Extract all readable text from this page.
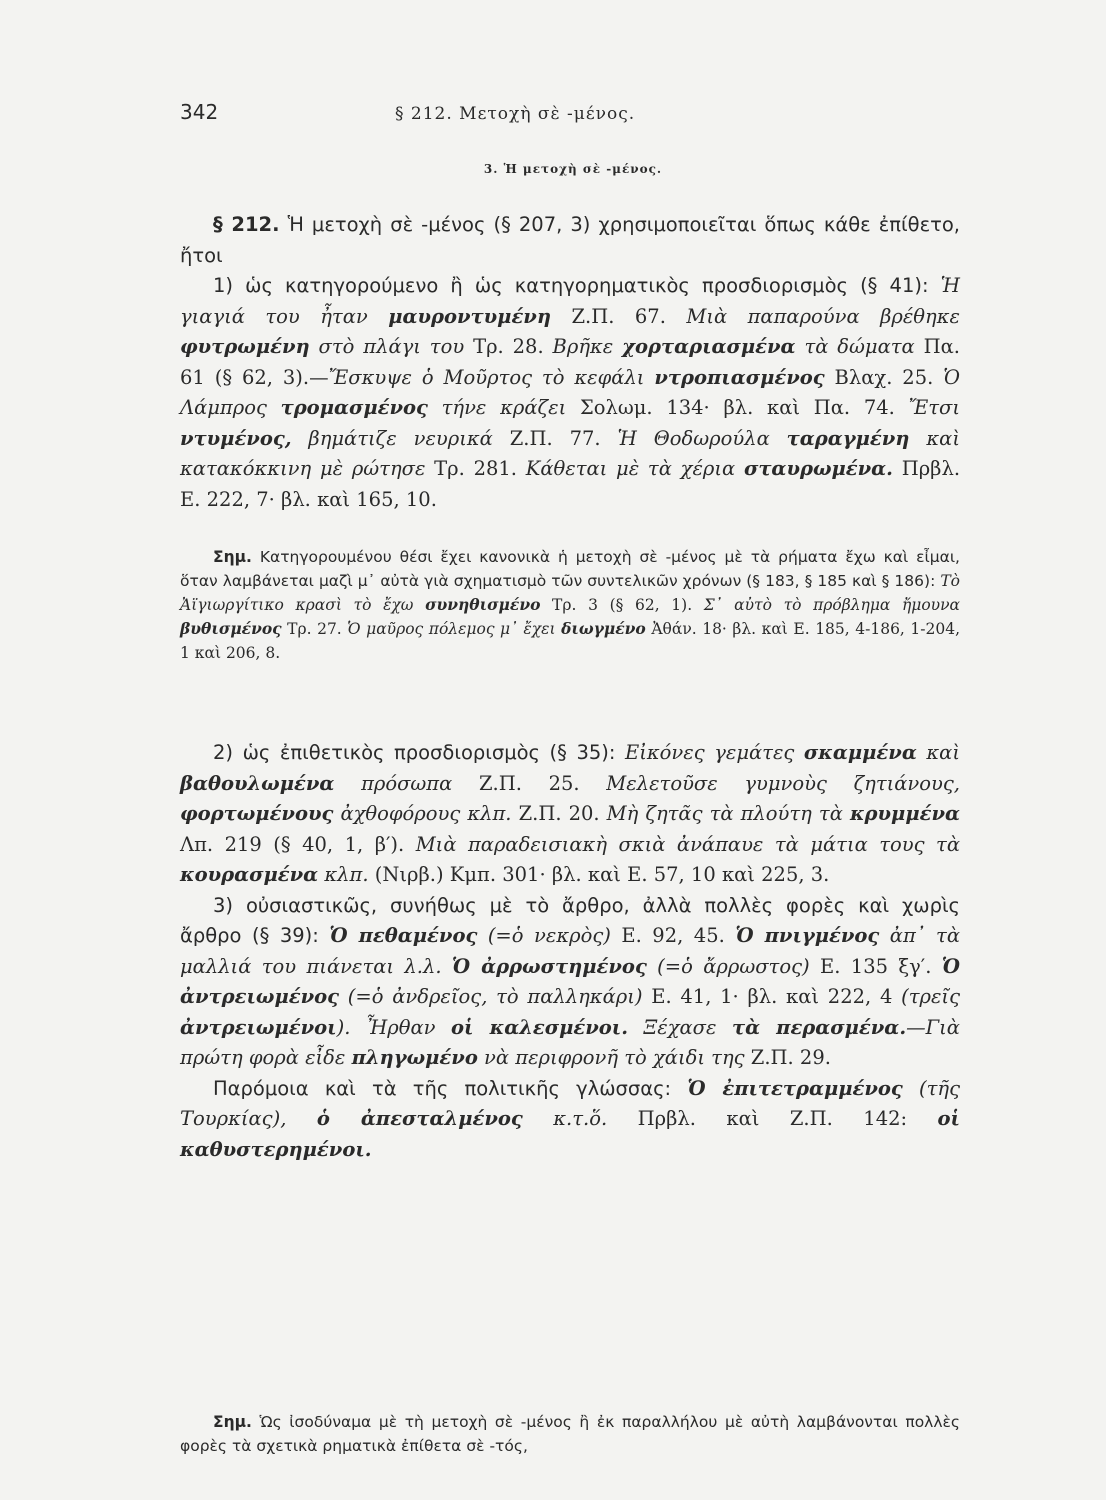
342	§ 212. Μετοχὴ σὲ -μένος.
3. Ἡ μετοχὴ σὲ -μένος.

§ 212. Ἡ μετοχὴ σὲ -μένος (§ 207, 3) χρησιμοποιεῖται ὅπως κάθε ἐπίθετο, ἤτοι

1) ὡς κατηγορούμενο ἢ ὡς κατηγορηματικὸς προσδιορισμὸς (§ 41): Ἡ γιαγιά του ἦταν μαυροντυμένη Ζ.Π. 67. Μιὰ παπαρούνα βρέθηκε φυτρωμένη στὸ πλάγι του Τρ. 28. Βρῆκε χορταριασμένα τὰ δώματα Πα. 61 (§ 62, 3).—Ἔσκυψε ὁ Μοῦρτος τὸ κεφάλι ντροπιασμένος Βλαχ. 25. Ὁ Λάμπρος τρομασμένος τήνε κράζει Σολωμ. 134· βλ. καὶ Πα. 74. Ἔτσι ντυμένος, βημάτιζε νευρικά Ζ.Π. 77. Ἡ Θοδωρούλα ταραγμένη καὶ κατακόκκινη μὲ ρώτησε Τρ. 281. Κάθεται μὲ τὰ χέρια σταυρωμένα. Πρβλ. Ε. 222, 7· βλ. καὶ 165, 10.

Σημ. Κατηγορουμένου θέσι ἔχει κανονικὰ ἡ μετοχὴ σὲ -μένος μὲ τὰ ρήματα ἔχω καὶ εἶμαι, ὅταν λαμβάνεται μαζὶ μ᾽ αὐτὰ γιὰ σχηματισμὸ τῶν συντελικῶν χρόνων (§ 183, § 185 καὶ § 186): Τὸ Ἀϊγιωργίτικο κρασὶ τὸ ἔχω συνηθισμένο Τρ. 3 (§ 62, 1). Σ᾽ αὐτὸ τὸ πρόβλημα ἤμουνα βυθισμένος Τρ. 27. Ὁ μαῦρος πόλεμος μ᾽ ἔχει διωγμένο Ἀθάν. 18· βλ. καὶ Ε. 185, 4-186, 1-204, 1 καὶ 206, 8.

2) ὡς ἐπιθετικὸς προσδιορισμὸς (§ 35): Εἰκόνες γεμάτες σκαμμένα καὶ βαθουλωμένα πρόσωπα Ζ.Π. 25. Μελετοῦσε γυμνοὺς ζητιάνους, φορτωμένους ἀχθοφόρους κλπ. Ζ.Π. 20. Μὴ ζητᾶς τὰ πλούτη τὰ κρυμμένα Λπ. 219 (§ 40, 1, β′). Μιὰ παραδεισιακὴ σκιὰ ἀνάπαυε τὰ μάτια τους τὰ κουρασμένα κλπ. (Νιρβ.) Κμπ. 301· βλ. καὶ Ε. 57, 10 καὶ 225, 3.

3) οὐσιαστικῶς, συνήθως μὲ τὸ ἄρθρο, ἀλλὰ πολλὲς φορὲς καὶ χωρὶς ἄρθρο (§ 39): Ὁ πεθαμένος (=ὁ νεκρὸς) Ε. 92, 45. Ὁ πνιγμένος ἀπ᾽ τὰ μαλλιά του πιάνεται λ.λ. Ὁ ἀρρωστημένος (=ὁ ἄρρωστος) Ε. 135 ξγ′. Ὁ ἀντρειωμένος (=ὁ ἀνδρεῖος, τὸ παλληκάρι) Ε. 41, 1· βλ. καὶ 222, 4 (τρεῖς ἀντρειωμένοι). Ἦρθαν οἱ καλεσμένοι. Ξέχασε τὰ περασμένα.—Γιὰ πρώτη φορὰ εἶδε πληγωμένο νὰ περιφρονῆ τὸ χάιδι της Ζ.Π. 29.

Παρόμοια καὶ τὰ τῆς πολιτικῆς γλώσσας: Ὁ ἐπιτετραμμένος (τῆς Τουρκίας), ὁ ἀπεσταλμένος κ.τ.ὅ. Πρβλ. καὶ Ζ.Π. 142: οἱ καθυστερημένοι.

Σημ. Ὡς ἰσοδύναμα μὲ τὴ μετοχὴ σὲ -μένος ἢ ἐκ παραλλήλου μὲ αὐτὴ λαμβάνονται πολλὲς φορὲς τὰ σχετικὰ ρηματικὰ ἐπίθετα σὲ -τός,
